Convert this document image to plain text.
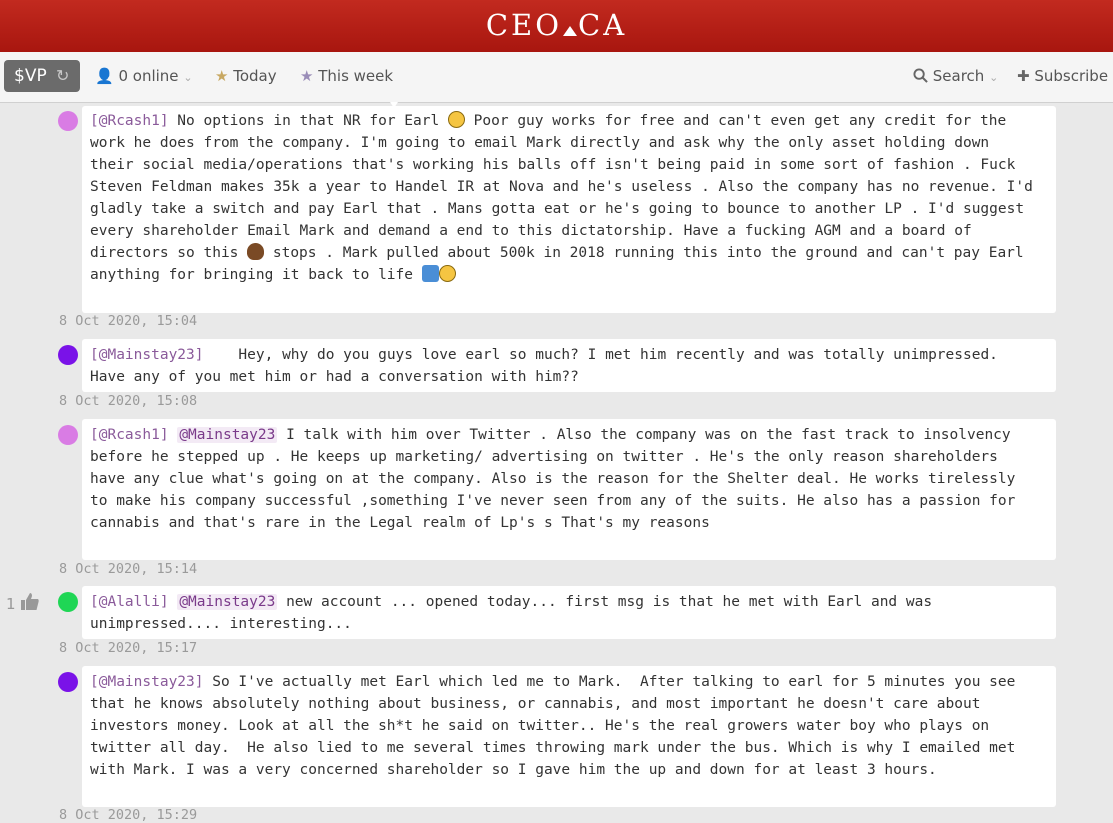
CEO CA
$VP ↻ 👤 0 online ⌄ ★ Today ★ This week	Search ⌄ ✚ Subscribe
[@Rcash1] No options in that NR for Earl  Poor guy works for free and can't even get any credit for the work he does from the company. I'm going to email Mark directly and ask why the only asset holding down their social media/operations that's working his balls off isn't being paid in some sort of fashion . Fuck Steven Feldman makes 35k a year to Handel IR at Nova and he's useless . Also the company has no revenue. I'd gladly take a switch and pay Earl that . Mans gotta eat or he's going to bounce to another LP . I'd suggest every shareholder Email Mark and demand a end to this dictatorship. Have a fucking AGM and a board of directors so this  stops . Mark pulled about 500k in 2018 running this into the ground and can't pay Earl anything for bringing it back to life
8 Oct 2020, 15:04
[@Mainstay23]    Hey, why do you guys love earl so much? I met him recently and was totally unimpressed. Have any of you met him or had a conversation with him??
8 Oct 2020, 15:08
[@Rcash1] @Mainstay23 I talk with him over Twitter . Also the company was on the fast track to insolvency before he stepped up . He keeps up marketing/ advertising on twitter . He's the only reason shareholders have any clue what's going on at the company. Also is the reason for the Shelter deal. He works tirelessly to make his company successful ,something I've never seen from any of the suits. He also has a passion for cannabis and that's rare in the Legal realm of Lp's s That's my reasons
8 Oct 2020, 15:14
1	[@Alalli] @Mainstay23 new account ... opened today... first msg is that he met with Earl and was unimpressed.... interesting...
8 Oct 2020, 15:17
[@Mainstay23] So I've actually met Earl which led me to Mark.  After talking to earl for 5 minutes you see that he knows absolutely nothing about business, or cannabis, and most important he doesn't care about investors money. Look at all the sh*t he said on twitter.. He's the real growers water boy who plays on twitter all day.  He also lied to me several times throwing mark under the bus. Which is why I emailed met with Mark. I was a very concerned shareholder so I gave him the up and down for at least 3 hours.
8 Oct 2020, 15:29
